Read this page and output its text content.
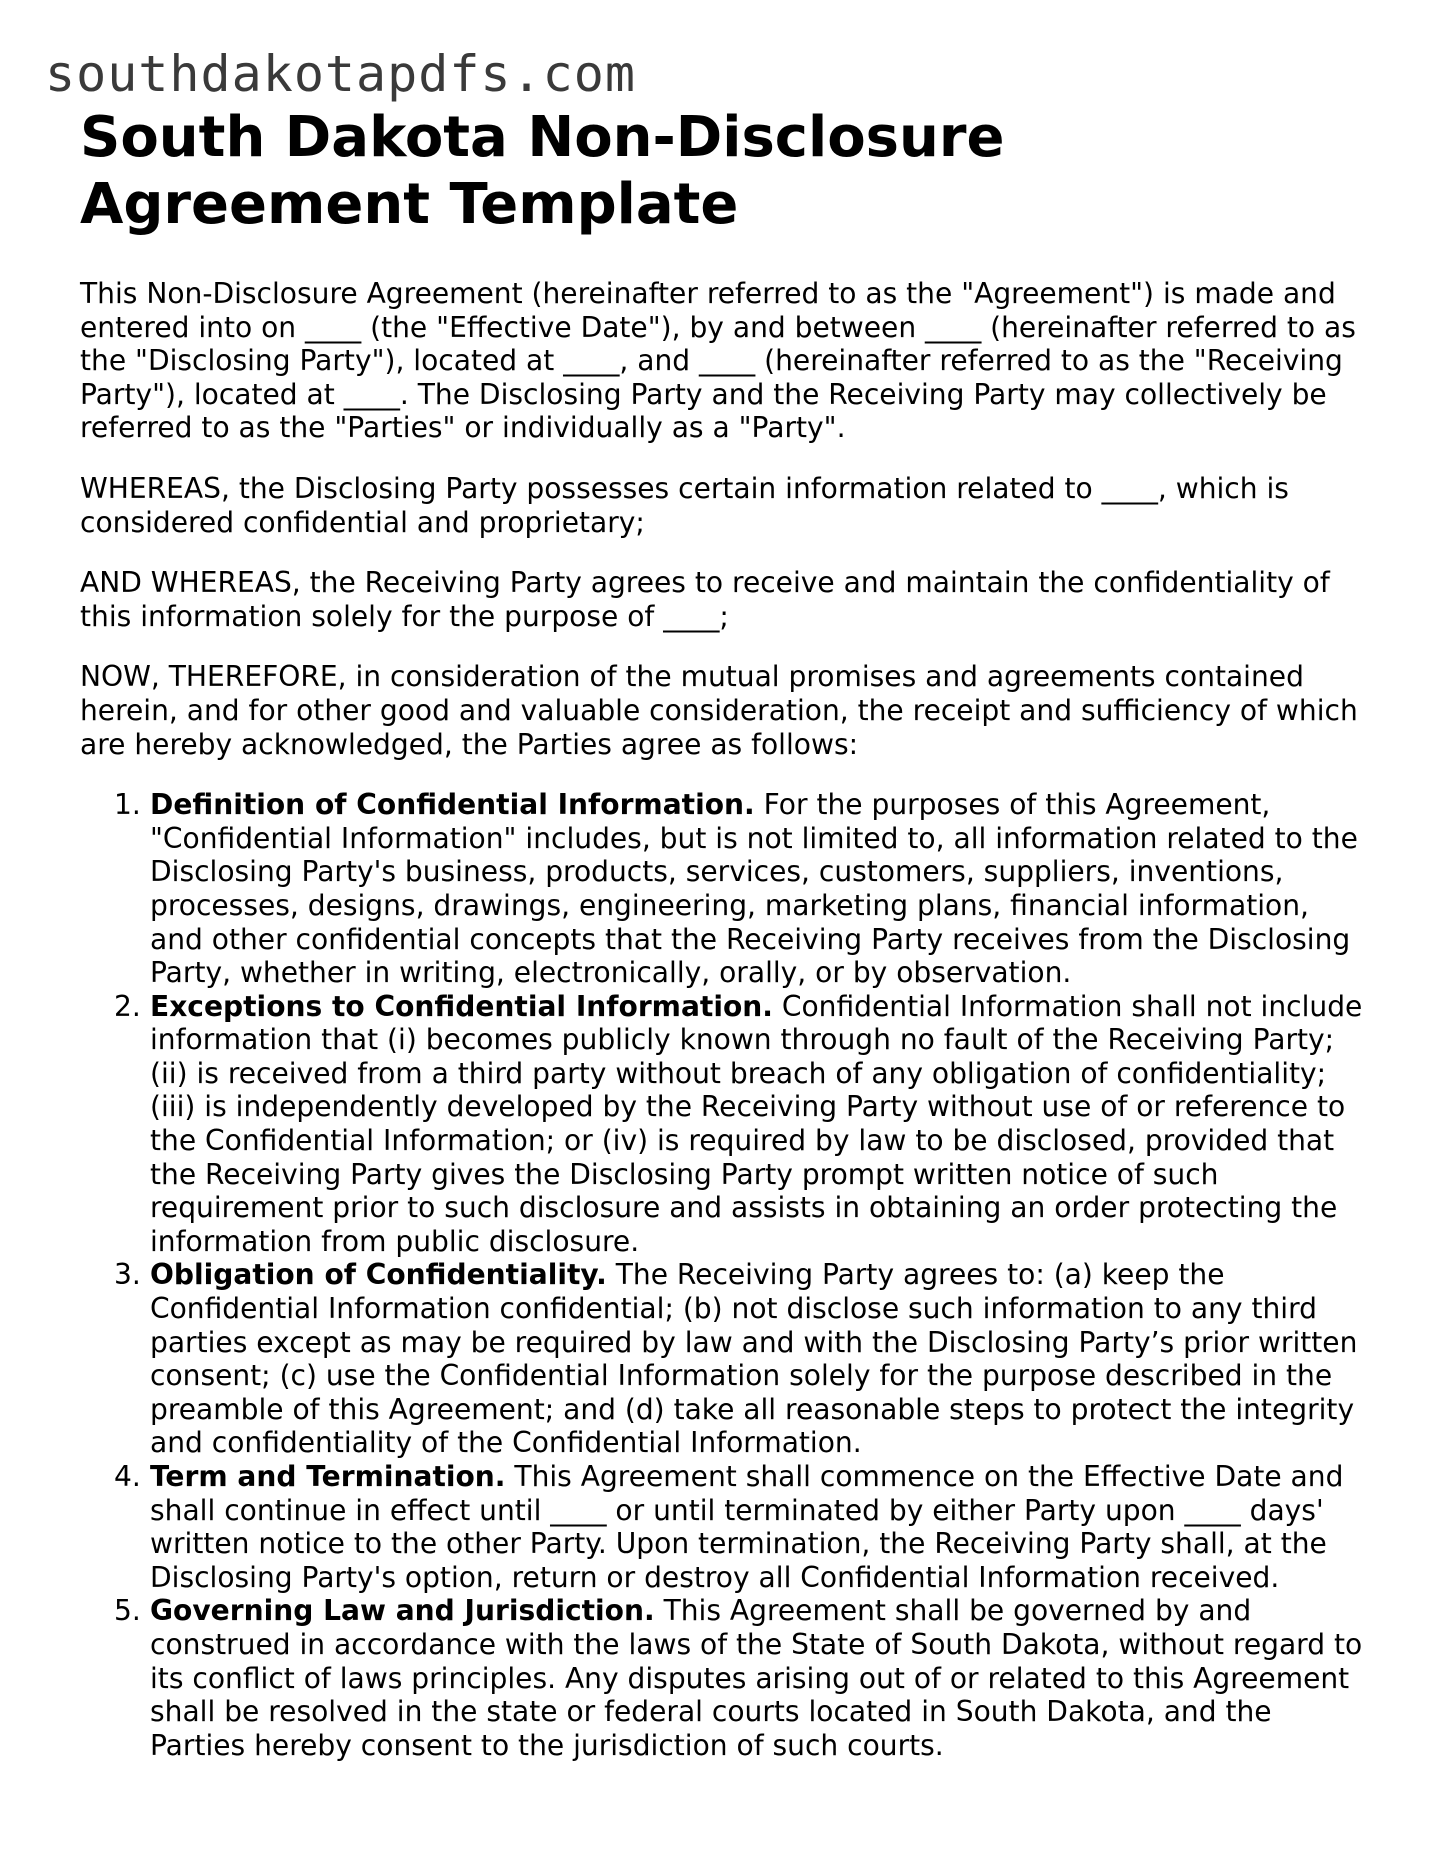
southdakotapdfs.com
South Dakota Non-Disclosure Agreement Template

This Non-Disclosure Agreement (hereinafter referred to as the "Agreement") is made and entered into on ____ (the "Effective Date"), by and between ____ (hereinafter referred to as the "Disclosing Party"), located at ____, and ____ (hereinafter referred to as the "Receiving Party"), located at ____. The Disclosing Party and the Receiving Party may collectively be referred to as the "Parties" or individually as a "Party".

WHEREAS, the Disclosing Party possesses certain information related to ____, which is considered confidential and proprietary;

AND WHEREAS, the Receiving Party agrees to receive and maintain the confidentiality of this information solely for the purpose of ____;

NOW, THEREFORE, in consideration of the mutual promises and agreements contained herein, and for other good and valuable consideration, the receipt and sufficiency of which are hereby acknowledged, the Parties agree as follows:

1. Definition of Confidential Information. For the purposes of this Agreement, "Confidential Information" includes, but is not limited to, all information related to the Disclosing Party's business, products, services, customers, suppliers, inventions, processes, designs, drawings, engineering, marketing plans, financial information, and other confidential concepts that the Receiving Party receives from the Disclosing Party, whether in writing, electronically, orally, or by observation.
2. Exceptions to Confidential Information. Confidential Information shall not include information that (i) becomes publicly known through no fault of the Receiving Party; (ii) is received from a third party without breach of any obligation of confidentiality; (iii) is independently developed by the Receiving Party without use of or reference to the Confidential Information; or (iv) is required by law to be disclosed, provided that the Receiving Party gives the Disclosing Party prompt written notice of such requirement prior to such disclosure and assists in obtaining an order protecting the information from public disclosure.
3. Obligation of Confidentiality. The Receiving Party agrees to: (a) keep the Confidential Information confidential; (b) not disclose such information to any third parties except as may be required by law and with the Disclosing Party’s prior written consent; (c) use the Confidential Information solely for the purpose described in the preamble of this Agreement; and (d) take all reasonable steps to protect the integrity and confidentiality of the Confidential Information.
4. Term and Termination. This Agreement shall commence on the Effective Date and shall continue in effect until ____ or until terminated by either Party upon ____ days' written notice to the other Party. Upon termination, the Receiving Party shall, at the Disclosing Party's option, return or destroy all Confidential Information received.
5. Governing Law and Jurisdiction. This Agreement shall be governed by and construed in accordance with the laws of the State of South Dakota, without regard to its conflict of laws principles. Any disputes arising out of or related to this Agreement shall be resolved in the state or federal courts located in South Dakota, and the Parties hereby consent to the jurisdiction of such courts.
